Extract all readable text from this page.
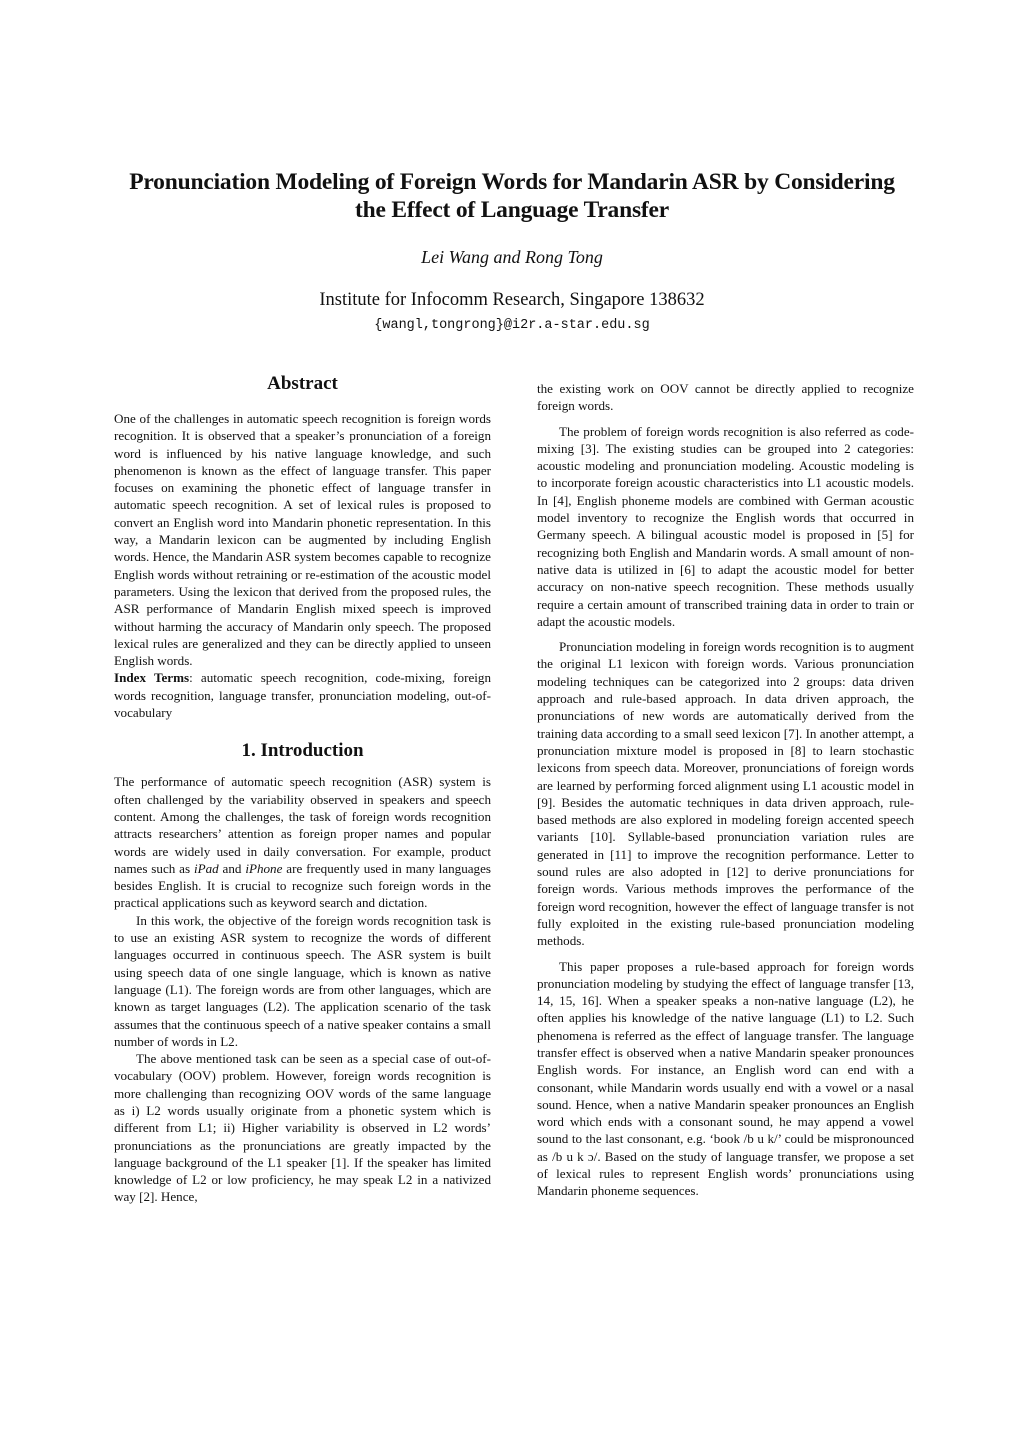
Pronunciation Modeling of Foreign Words for Mandarin ASR by Considering
the Effect of Language Transfer
Lei Wang and Rong Tong
Institute for Infocomm Research, Singapore 138632
{wangl,tongrong}@i2r.a-star.edu.sg
Abstract

One of the challenges in automatic speech recognition is foreign words recognition. It is observed that a speaker’s pronunciation of a foreign word is influenced by his native language knowledge, and such phenomenon is known as the effect of language transfer. This paper focuses on examining the phonetic effect of language transfer in automatic speech recognition. A set of lexical rules is proposed to convert an English word into Mandarin phonetic representation. In this way, a Mandarin lexicon can be augmented by including English words. Hence, the Mandarin ASR system becomes capable to recognize English words without retraining or re-estimation of the acoustic model parameters. Using the lexicon that derived from the proposed rules, the ASR performance of Mandarin English mixed speech is improved without harming the accuracy of Mandarin only speech. The proposed lexical rules are generalized and they can be directly applied to unseen English words.

Index Terms: automatic speech recognition, code-mixing, foreign words recognition, language transfer, pronunciation modeling, out-of-vocabulary

1. Introduction

The performance of automatic speech recognition (ASR) system is often challenged by the variability observed in speakers and speech content. Among the challenges, the task of foreign words recognition attracts researchers’ attention as foreign proper names and popular words are widely used in daily conversation. For example, product names such as iPad and iPhone are frequently used in many languages besides English. It is crucial to recognize such foreign words in the practical applications such as keyword search and dictation.

In this work, the objective of the foreign words recognition task is to use an existing ASR system to recognize the words of different languages occurred in continuous speech. The ASR system is built using speech data of one single language, which is known as native language (L1). The foreign words are from other languages, which are known as target languages (L2). The application scenario of the task assumes that the continuous speech of a native speaker contains a small number of words in L2.

The above mentioned task can be seen as a special case of out-of-vocabulary (OOV) problem. However, foreign words recognition is more challenging than recognizing OOV words of the same language as i) L2 words usually originate from a phonetic system which is different from L1; ii) Higher variability is observed in L2 words’ pronunciations as the pronunciations are greatly impacted by the language background of the L1 speaker [1]. If the speaker has limited knowledge of L2 or low proficiency, he may speak L2 in a nativized way [2]. Hence,

the existing work on OOV cannot be directly applied to recognize foreign words.

The problem of foreign words recognition is also referred as code-mixing [3]. The existing studies can be grouped into 2 categories: acoustic modeling and pronunciation modeling. Acoustic modeling is to incorporate foreign acoustic characteristics into L1 acoustic models. In [4], English phoneme models are combined with German acoustic model inventory to recognize the English words that occurred in Germany speech. A bilingual acoustic model is proposed in [5] for recognizing both English and Mandarin words. A small amount of non-native data is utilized in [6] to adapt the acoustic model for better accuracy on non-native speech recognition. These methods usually require a certain amount of transcribed training data in order to train or adapt the acoustic models.

Pronunciation modeling in foreign words recognition is to augment the original L1 lexicon with foreign words. Various pronunciation modeling techniques can be categorized into 2 groups: data driven approach and rule-based approach. In data driven approach, the pronunciations of new words are automatically derived from the training data according to a small seed lexicon [7]. In another attempt, a pronunciation mixture model is proposed in [8] to learn stochastic lexicons from speech data. Moreover, pronunciations of foreign words are learned by performing forced alignment using L1 acoustic model in [9]. Besides the automatic techniques in data driven approach, rule-based methods are also explored in modeling foreign accented speech variants [10]. Syllable-based pronunciation variation rules are generated in [11] to improve the recognition performance. Letter to sound rules are also adopted in [12] to derive pronunciations for foreign words. Various methods improves the performance of the foreign word recognition, however the effect of language transfer is not fully exploited in the existing rule-based pronunciation modeling methods.

This paper proposes a rule-based approach for foreign words pronunciation modeling by studying the effect of language transfer [13, 14, 15, 16]. When a speaker speaks a non-native language (L2), he often applies his knowledge of the native language (L1) to L2. Such phenomena is referred as the effect of language transfer. The language transfer effect is observed when a native Mandarin speaker pronounces English words. For instance, an English word can end with a consonant, while Mandarin words usually end with a vowel or a nasal sound. Hence, when a native Mandarin speaker pronounces an English word which ends with a consonant sound, he may append a vowel sound to the last consonant, e.g. ‘book /b u k/’ could be mispronounced as /b u k ɔ/. Based on the study of language transfer, we propose a set of lexical rules to represent English words’ pronunciations using Mandarin phoneme sequences.
